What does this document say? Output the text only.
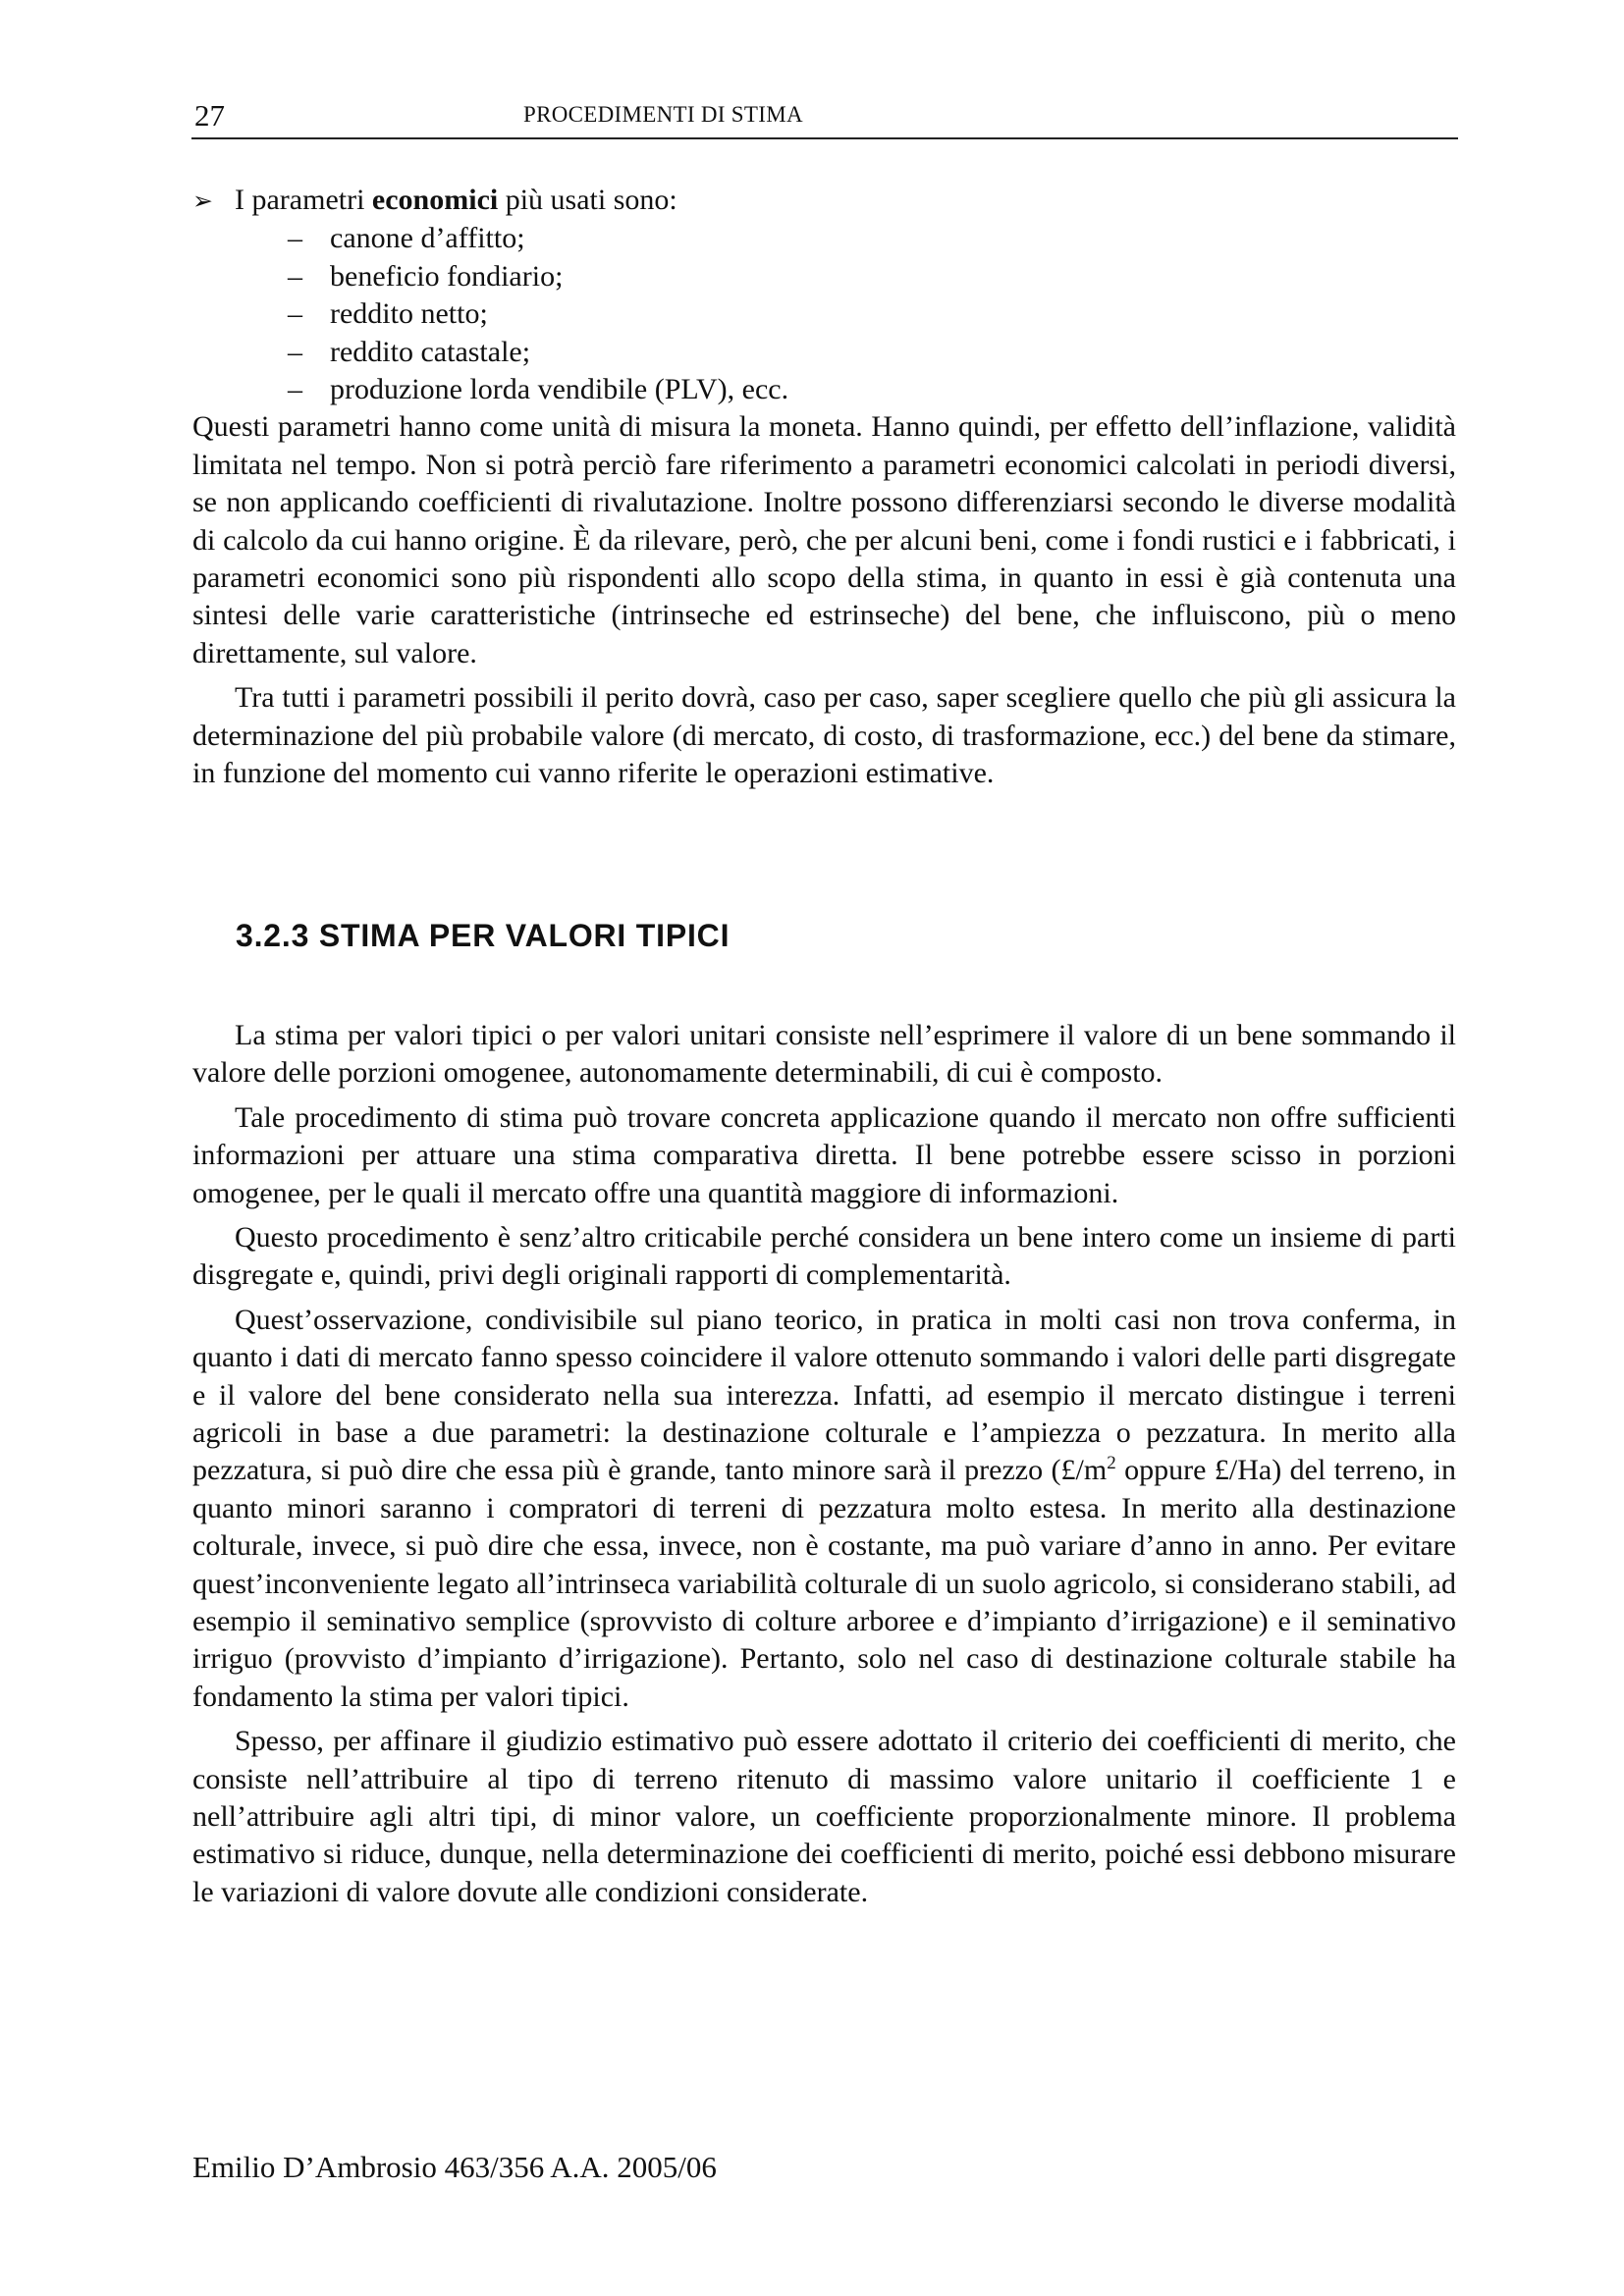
27	PROCEDIMENTI DI STIMA

➢ I parametri economici più usati sono:

– canone d’affitto;
– beneficio fondiario;
– reddito netto;
– reddito catastale;
– produzione lorda vendibile (PLV), ecc.

Questi parametri hanno come unità di misura la moneta. Hanno quindi, per effetto dell’inflazione, validità limitata nel tempo. Non si potrà perciò fare riferimento a parametri economici calcolati in periodi diversi, se non applicando coefficienti di rivalutazione. Inoltre possono differenziarsi secondo le diverse modalità di calcolo da cui hanno origine. È da rilevare, però, che per alcuni beni, come i fondi rustici e i fabbricati, i parametri economici sono più rispondenti allo scopo della stima, in quanto in essi è già contenuta una sintesi delle varie caratteristiche (intrinseche ed estrinseche) del bene, che influiscono, più o meno direttamente, sul valore.

Tra tutti i parametri possibili il perito dovrà, caso per caso, saper scegliere quello che più gli assicura la determinazione del più probabile valore (di mercato, di costo, di trasformazione, ecc.) del bene da stimare, in funzione del momento cui vanno riferite le operazioni estimative.

3.2.3 STIMA PER VALORI TIPICI

La stima per valori tipici o per valori unitari consiste nell’esprimere il valore di un bene sommando il valore delle porzioni omogenee, autonomamente determinabili, di cui è composto.

Tale procedimento di stima può trovare concreta applicazione quando il mercato non offre sufficienti informazioni per attuare una stima comparativa diretta. Il bene potrebbe essere scisso in porzioni omogenee, per le quali il mercato offre una quantità maggiore di informazioni.

Questo procedimento è senz’altro criticabile perché considera un bene intero come un insieme di parti disgregate e, quindi, privi degli originali rapporti di complementarità.

Quest’osservazione, condivisibile sul piano teorico, in pratica in molti casi non trova conferma, in quanto i dati di mercato fanno spesso coincidere il valore ottenuto sommando i valori delle parti disgregate e il valore del bene considerato nella sua interezza. Infatti, ad esempio il mercato distingue i terreni agricoli in base a due parametri: la destinazione colturale e l’ampiezza o pezzatura. In merito alla pezzatura, si può dire che essa più è grande, tanto minore sarà il prezzo ($£/m^2$ oppure £/Ha) del terreno, in quanto minori saranno i compratori di terreni di pezzatura molto estesa. In merito alla destinazione colturale, invece, si può dire che essa, invece, non è costante, ma può variare d’anno in anno. Per evitare quest’inconveniente legato all’intrinseca variabilità colturale di un suolo agricolo, si considerano stabili, ad esempio il seminativo semplice (sprovvisto di colture arboree e d’impianto d’irrigazione) e il seminativo irriguo (provvisto d’impianto d’irrigazione). Pertanto, solo nel caso di destinazione colturale stabile ha fondamento la stima per valori tipici.

Spesso, per affinare il giudizio estimativo può essere adottato il criterio dei coefficienti di merito, che consiste nell’attribuire al tipo di terreno ritenuto di massimo valore unitario il coefficiente 1 e nell’attribuire agli altri tipi, di minor valore, un coefficiente proporzionalmente minore. Il problema estimativo si riduce, dunque, nella determinazione dei coefficienti di merito, poiché essi debbono misurare le variazioni di valore dovute alle condizioni considerate.

Emilio D’Ambrosio 463/356 A.A. 2005/06
